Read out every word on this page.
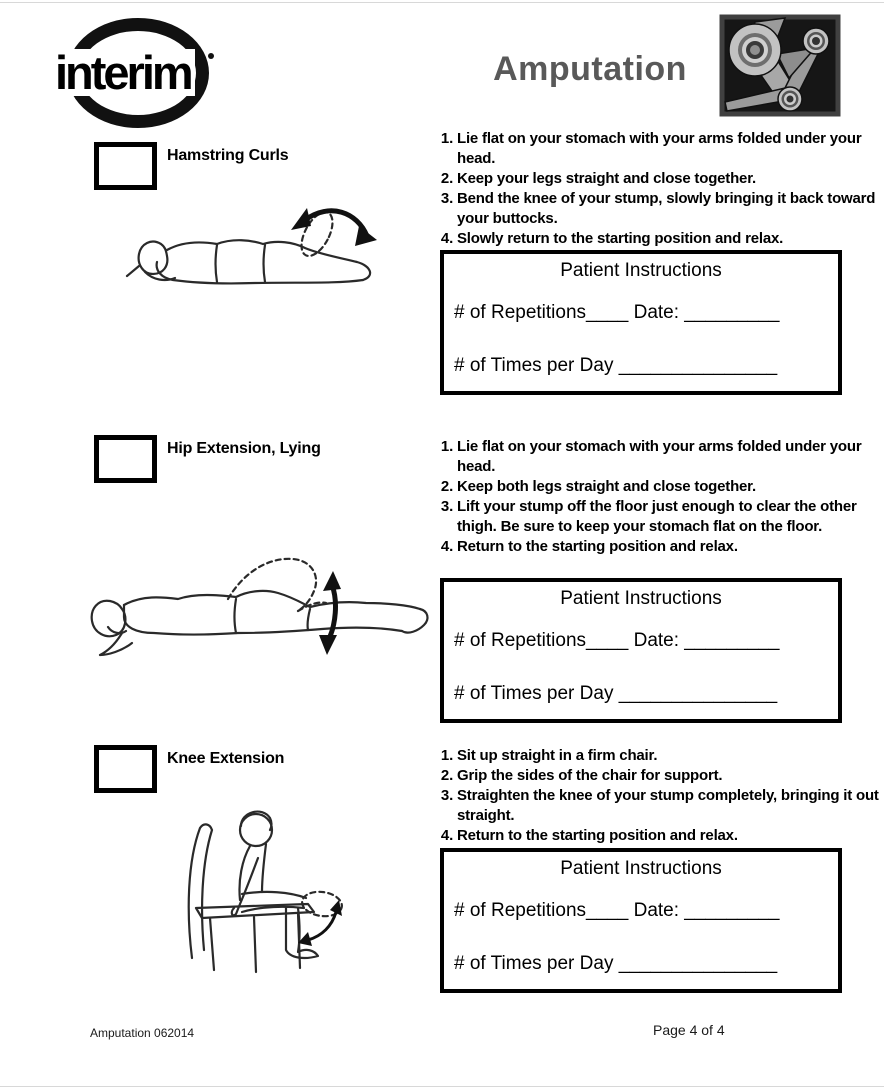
interim	Amputation
Hamstring Curls
1. Lie flat on your stomach with your arms folded under your head.
2. Keep your legs straight and close together.
3. Bend the knee of your stump, slowly bringing it back toward your buttocks.
4. Slowly return to the starting position and relax.
Patient Instructions
# of Repetitions____ Date: _________
# of Times per Day _______________
Hip Extension, Lying	1. Lie flat on your stomach with your arms folded under your head.
2. Keep both legs straight and close together.
3. Lift your stump off the floor just enough to clear the other thigh. Be sure to keep your stomach flat on the floor.
4. Return to the starting position and relax.
Patient Instructions
# of Repetitions____ Date: _________
# of Times per Day _______________
Knee Extension	1. Sit up straight in a firm chair.
2. Grip the sides of the chair for support.
3. Straighten the knee of your stump completely, bringing it out straight.
4. Return to the starting position and relax.
Patient Instructions
# of Repetitions____ Date: _________
# of Times per Day _______________
Amputation 062014	Page 4 of 4
